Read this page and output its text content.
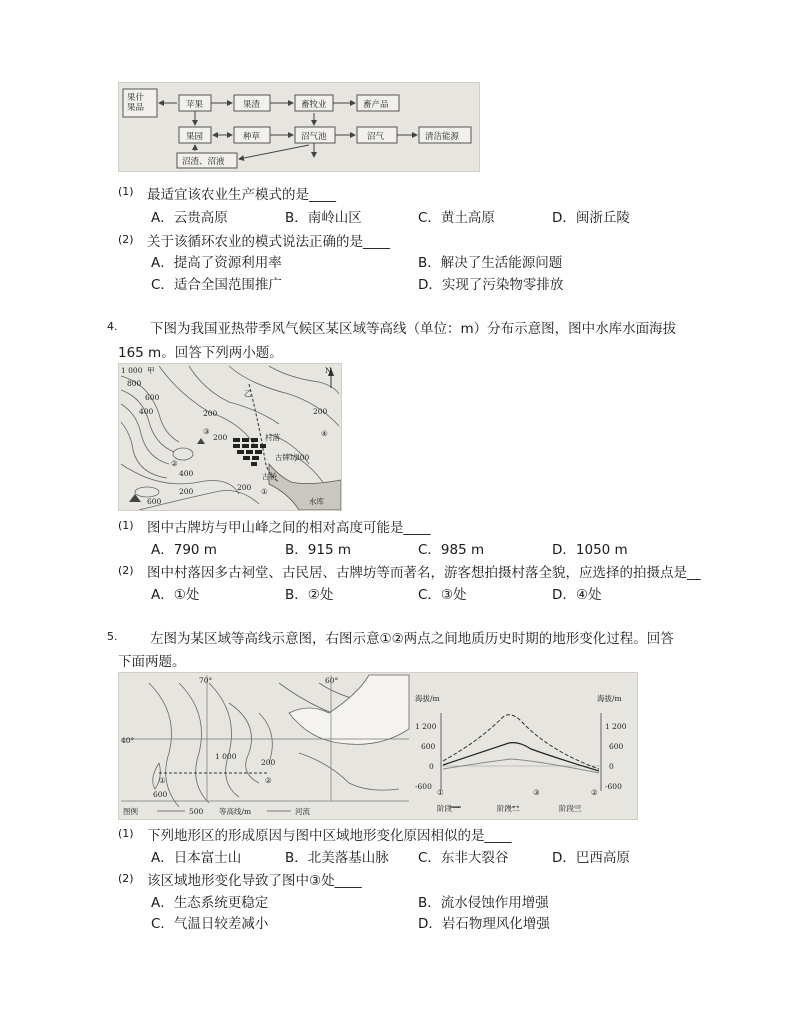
果什果品	苹果	果渣	畜牧业	畜产品
果园	种草	沼气池	沼气	清洁能源
沼渣、沼液
(1) 最适宜该农业生产模式的是____
A．云贵高原	B．南岭山区	C．黄土高原	D．闽浙丘陵
(2) 关于该循环农业的模式说法正确的是____
A．提高了资源利用率	B．解决了生活能源问题
C．适合全国范围推广	D．实现了污染物零排放
4. 下图为我国亚热带季风气候区某区域等高线（单位：m）分布示意图，图中水库水面海拔
165 m。回答下列两小题。
1 000 甲	N
乙
村落
古牌坊
古桥
水库
①
②
③	④
800
600
400
200
200
400
200
600
200
300
200
(1) 图中古牌坊与甲山峰之间的相对高度可能是____
A．790 m	B．915 m	C．985 m	D．1050 m
(2) 图中村落因多古祠堂、古民居、古牌坊等而著名，游客想拍摄村落全貌，应选择的拍摄点是__
A．①处	B．②处	C．③处	D．④处
5. 左图为某区域等高线示意图，右图示意①②两点之间地质历史时期的地形变化过程。回答
下面两题。
70°	60°
40°
1 000
200
600
①	②
图例	500 等高线/m	河流
海拔/m	海拔/m
1 200
600
0
-600
1 200
600
0
-600
①	③	②
阶段一	阶段二	阶段三
(1) 下列地形区的形成原因与图中区域地形变化原因相似的是____
A．日本富士山	B．北美落基山脉 C．东非大裂谷	D．巴西高原
(2) 该区域地形变化导致了图中③处____
A．生态系统更稳定	B．流水侵蚀作用增强
C．气温日较差减小	D．岩石物理风化增强
